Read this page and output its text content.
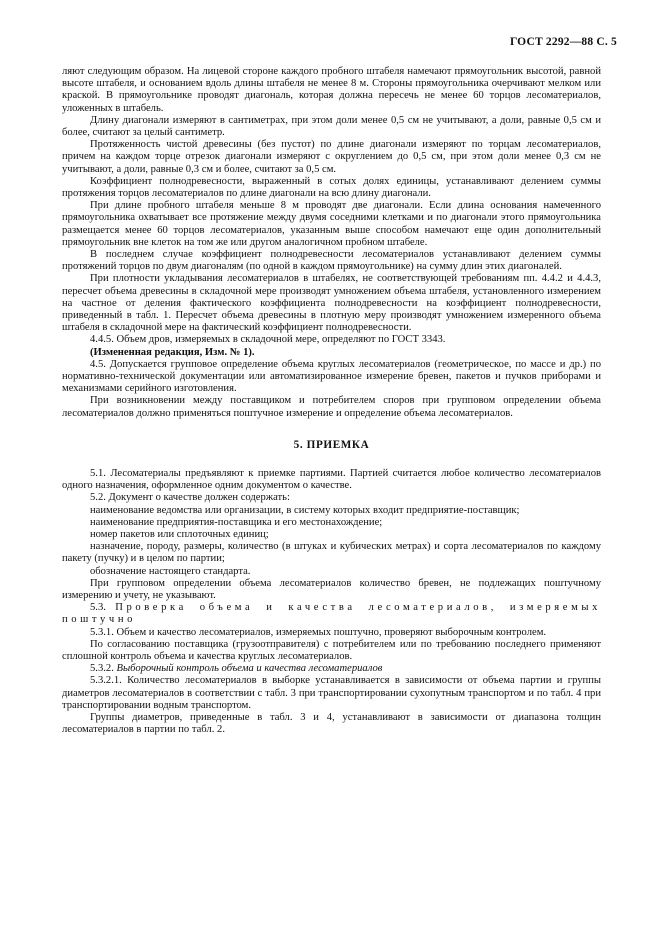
ГОСТ 2292—88 С. 5

ляют следующим образом. На лицевой стороне каждого пробного штабеля намечают прямоугольник высотой, равной высоте штабеля, и основанием вдоль длины штабеля не менее 8 м. Стороны прямоугольника очерчивают мелком или краской. В прямоугольнике проводят диагональ, которая должна пересечь не менее 60 торцов лесоматериалов, уложенных в штабель.

Длину диагонали измеряют в сантиметрах, при этом доли менее 0,5 см не учитывают, а доли, равные 0,5 см и более, считают за целый сантиметр.

Протяженность чистой древесины (без пустот) по длине диагонали измеряют по торцам лесоматериалов, причем на каждом торце отрезок диагонали измеряют с округлением до 0,5 см, при этом доли менее 0,3 см не учитывают, а доли, равные 0,3 см и более, считают за 0,5 см.

Коэффициент полнодревесности, выраженный в сотых долях единицы, устанавливают делением суммы протяжения торцов лесоматериалов по длине диагонали на всю длину диагонали.

При длине пробного штабеля меньше 8 м проводят две диагонали. Если длина основания намеченного прямоугольника охватывает все протяжение между двумя соседними клетками и по диагонали этого прямоугольника размещается менее 60 торцов лесоматериалов, указанным выше способом намечают еще один дополнительный прямоугольник вне клеток на том же или другом аналогичном пробном штабеле.

В последнем случае коэффициент полнодревесности лесоматериалов устанавливают делением суммы протяжений торцов по двум диагоналям (по одной в каждом прямоугольнике) на сумму длин этих диагоналей.

При плотности укладывания лесоматериалов в штабелях, не соответствующей требованиям пп. 4.4.2 и 4.4.3, пересчет объема древесины в складочной мере производят умножением объема штабеля, установленного измерением на частное от деления фактического коэффициента полнодревесности на коэффициент полнодревесности, приведенный в табл. 1. Пересчет объема древесины в плотную меру производят умножением измеренного объема штабеля в складочной мере на фактический коэффициент полнодревесности.

4.4.5. Объем дров, измеряемых в складочной мере, определяют по ГОСТ 3343.

(Измененная редакция, Изм. № 1).

4.5. Допускается групповое определение объема круглых лесоматериалов (геометрическое, по массе и др.) по нормативно-технической документации или автоматизированное измерение бревен, пакетов и пучков приборами и механизмами серийного изготовления.

При возникновении между поставщиком и потребителем споров при групповом определении объема лесоматериалов должно применяться поштучное измерение и определение объема лесоматериалов.

5. ПРИЕМКА

5.1. Лесоматериалы предъявляют к приемке партиями. Партией считается любое количество лесоматериалов одного назначения, оформленное одним документом о качестве.

5.2. Документ о качестве должен содержать:

наименование ведомства или организации, в систему которых входит предприятие-поставщик;

наименование предприятия-поставщика и его местонахождение;

номер пакетов или сплоточных единиц;

назначение, породу, размеры, количество (в штуках и кубических метрах) и сорта лесоматериалов по каждому пакету (пучку) и в целом по партии;

обозначение настоящего стандарта.

При групповом определении объема лесоматериалов количество бревен, не подлежащих поштучному измерению и учету, не указывают.

5.3. Проверка объема и качества лесоматериалов, измеряемых поштучно

5.3.1. Объем и качество лесоматериалов, измеряемых поштучно, проверяют выборочным контролем.

По согласованию поставщика (грузоотправителя) с потребителем или по требованию последнего применяют сплошной контроль объема и качества круглых лесоматериалов.

5.3.2. Выборочный контроль объема и качества лесоматериалов

5.3.2.1. Количество лесоматериалов в выборке устанавливается в зависимости от объема партии и группы диаметров лесоматериалов в соответствии с табл. 3 при транспортировании сухопутным транспортом и по табл. 4 при транспортировании водным транспортом.

Группы диаметров, приведенные в табл. 3 и 4, устанавливают в зависимости от диапазона толщин лесоматериалов в партии по табл. 2.
